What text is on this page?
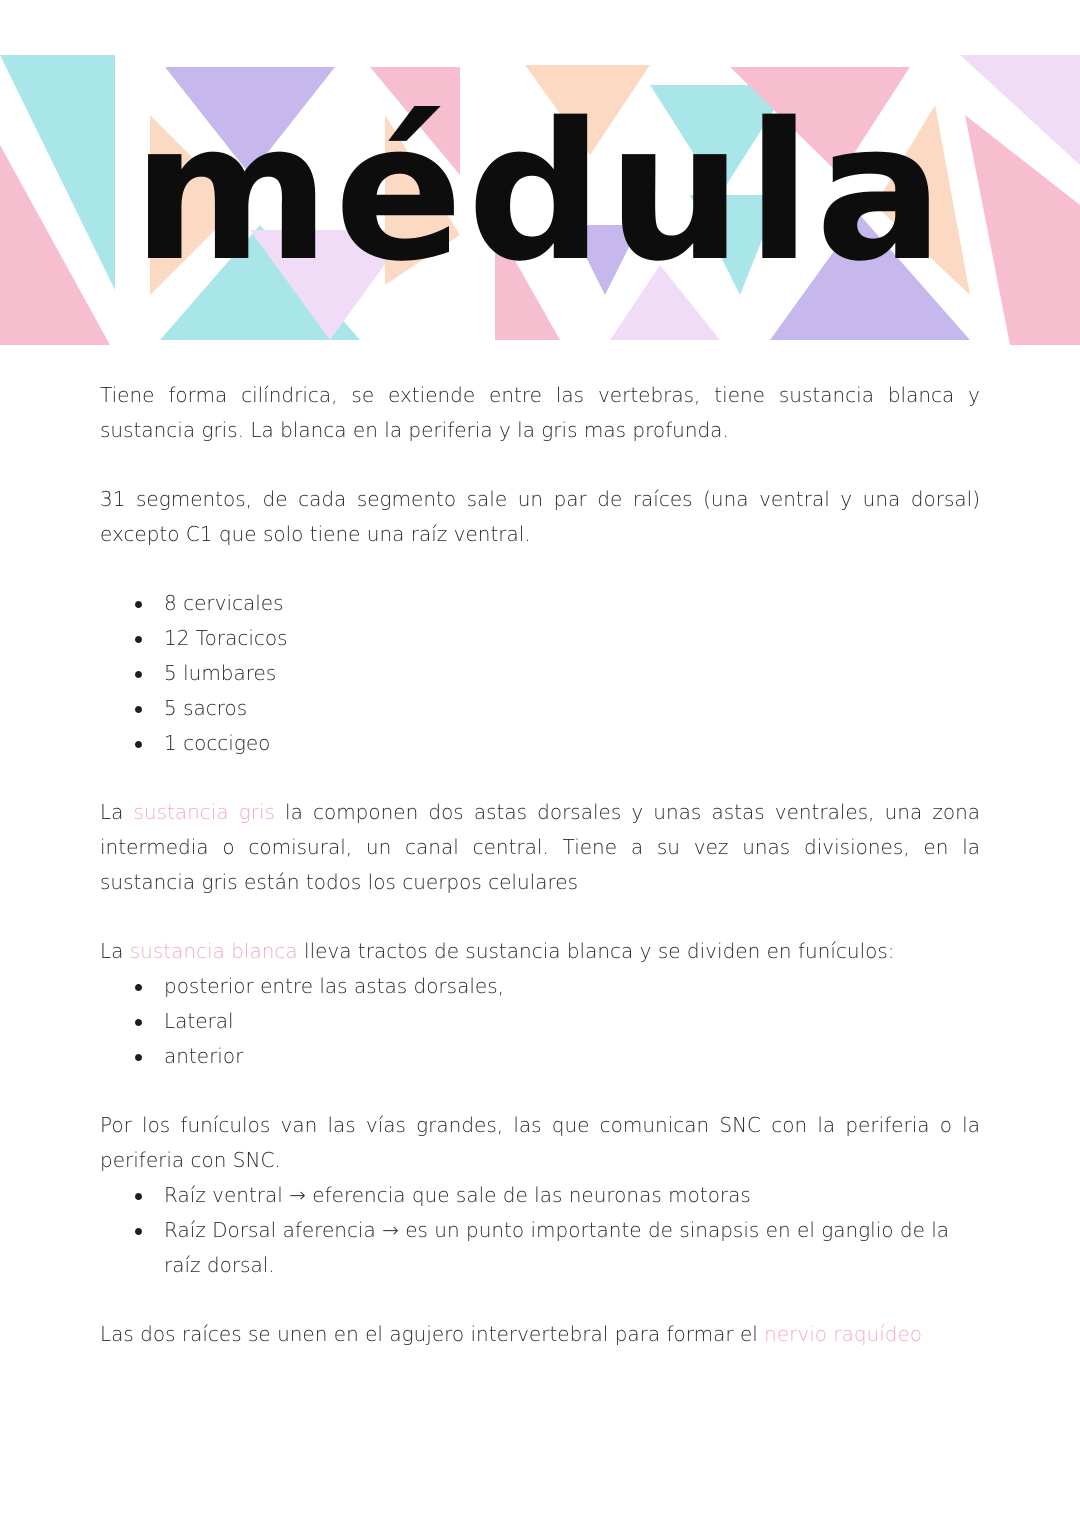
médula

Tiene forma cilíndrica, se extiende entre las vertebras, tiene sustancia blanca y sustancia gris. La blanca en la periferia y la gris mas profunda.

31 segmentos, de cada segmento sale un par de raíces (una ventral y una dorsal) excepto C1 que solo tiene una raíz ventral.

8 cervicales
12 Toracicos
5 lumbares
5 sacros
1 coccigeo

La sustancia gris la componen dos astas dorsales y unas astas ventrales, una zona intermedia o comisural, un canal central. Tiene a su vez unas divisiones, en la sustancia gris están todos los cuerpos celulares

La sustancia blanca lleva tractos de sustancia blanca y se dividen en funículos:

posterior entre las astas dorsales,
Lateral
anterior

Por los funículos van las vías grandes, las que comunican SNC con la periferia o la periferia con SNC.

Raíz ventral → eferencia que sale de las neuronas motoras
Raíz Dorsal aferencia → es un punto importante de sinapsis en el ganglio de la raíz dorsal.

Las dos raíces se unen en el agujero intervertebral para formar el nervio raquídeo
